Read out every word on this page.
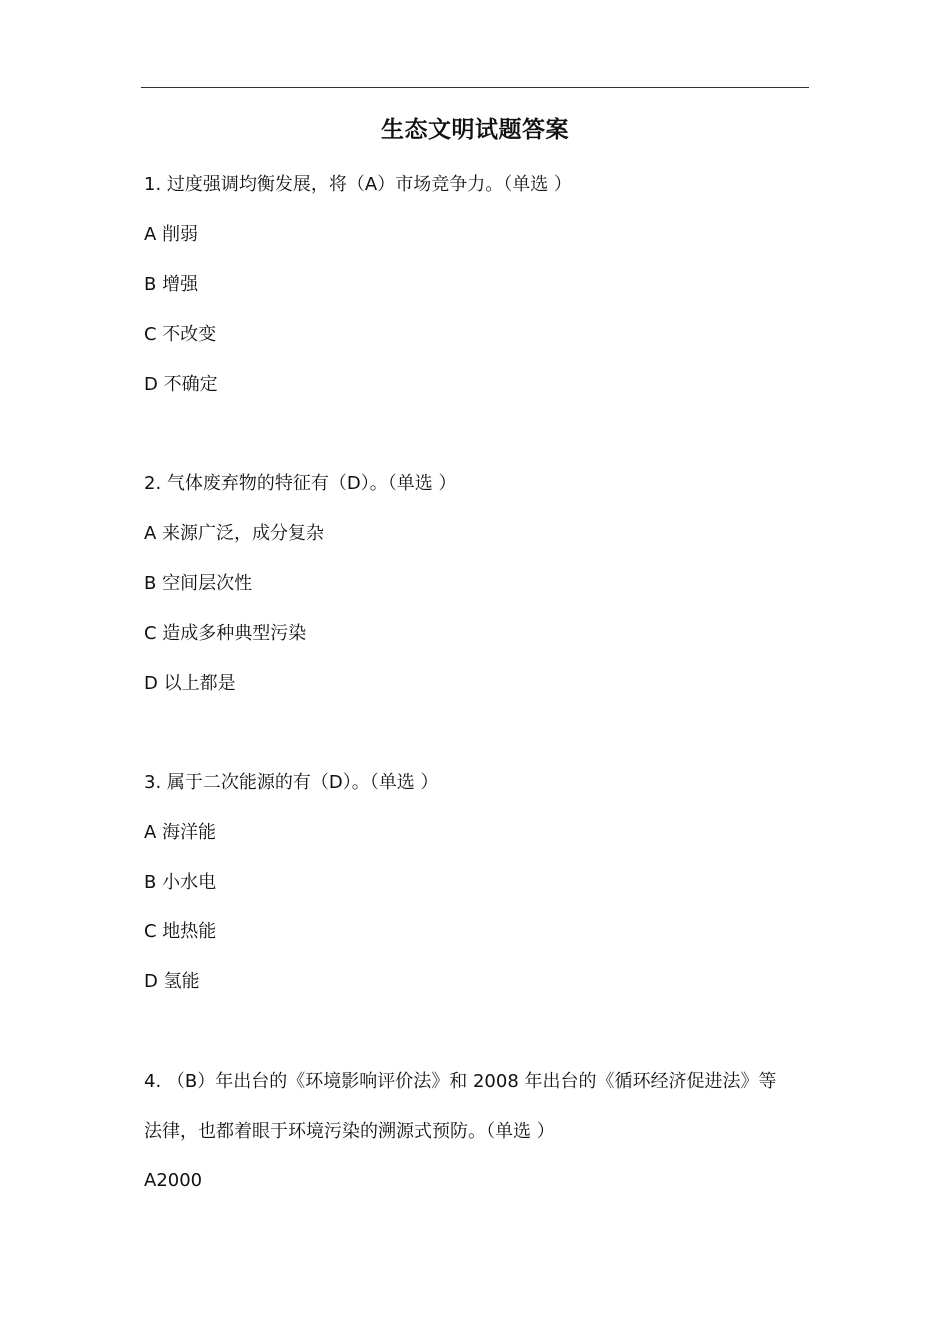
生态文明试题答案
1. 过度强调均衡发展，将（A）市场竞争力。（单选 ）
A 削弱
B 增强
C 不改变
D 不确定
2. 气体废弃物的特征有（D）。（单选 ）
A 来源广泛，成分复杂
B 空间层次性
C 造成多种典型污染
D 以上都是
3. 属于二次能源的有（D）。（单选 ）
A 海洋能
B 小水电
C 地热能
D 氢能
4. （B）年出台的《环境影响评价法》和 2008 年出台的《循环经济促进法》等
法律，也都着眼于环境污染的溯源式预防。（单选 ）
A2000
